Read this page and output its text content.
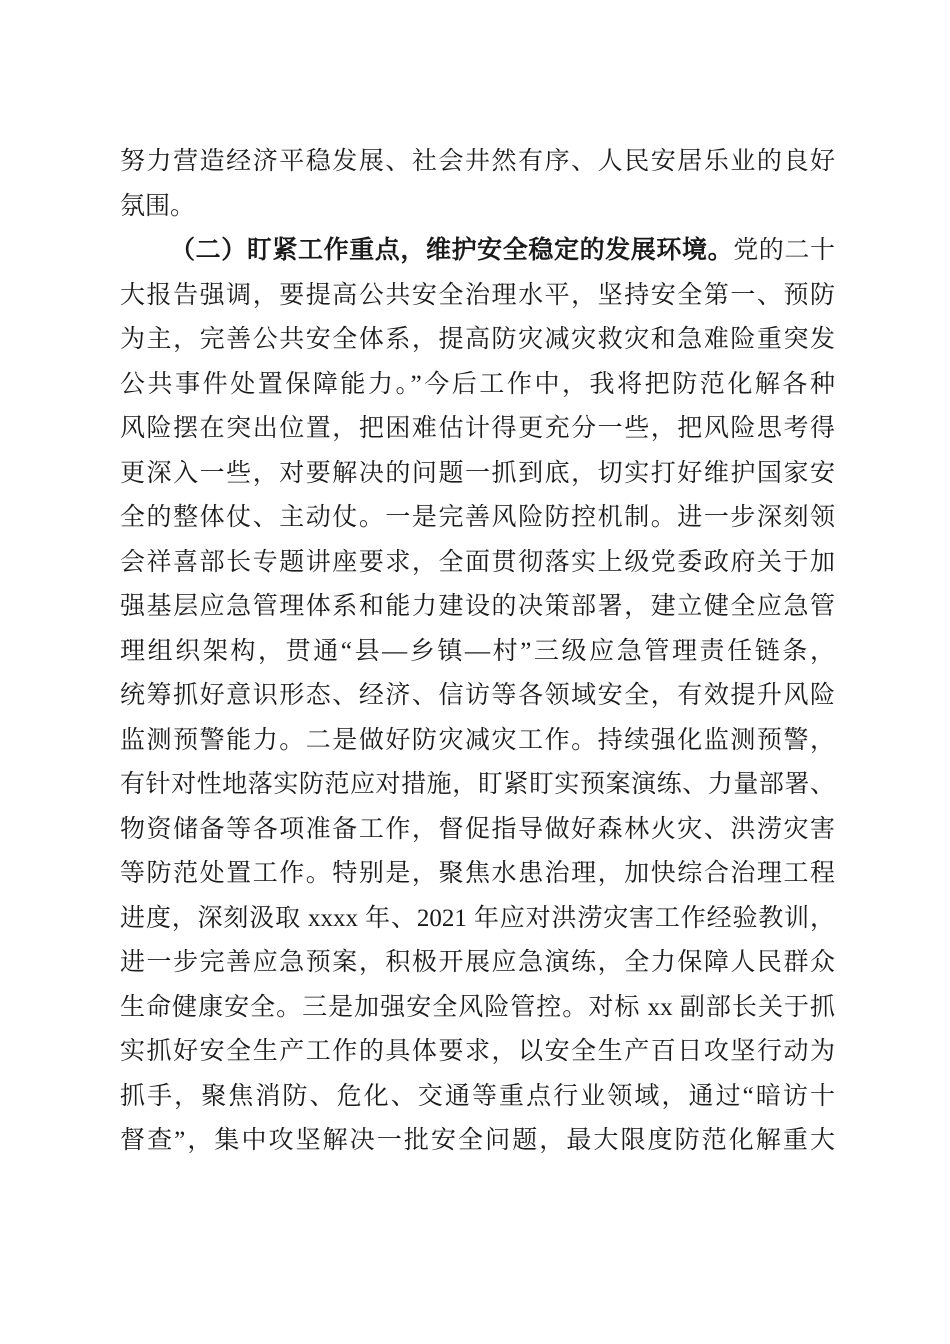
努力营造经济平稳发展、社会井然有序、人民安居乐业的良好
氛围。
（二）盯紧工作重点，维护安全稳定的发展环境。党的二十
大报告强调，要提高公共安全治理水平，坚持安全第一、预防
为主，完善公共安全体系，提高防灾减灾救灾和急难险重突发
公共事件处置保障能力。”今后工作中，我将把防范化解各种
风险摆在突出位置，把困难估计得更充分一些，把风险思考得
更深入一些，对要解决的问题一抓到底，切实打好维护国家安
全的整体仗、主动仗。一是完善风险防控机制。进一步深刻领
会祥喜部长专题讲座要求，全面贯彻落实上级党委政府关于加
强基层应急管理体系和能力建设的决策部署，建立健全应急管
理组织架构，贯通“县—乡镇—村”三级应急管理责任链条，
统筹抓好意识形态、经济、信访等各领域安全，有效提升风险
监测预警能力。二是做好防灾减灾工作。持续强化监测预警，
有针对性地落实防范应对措施，盯紧盯实预案演练、力量部署、
物资储备等各项准备工作，督促指导做好森林火灾、洪涝灾害
等防范处置工作。特别是，聚焦水患治理，加快综合治理工程
进度，深刻汲取 xxxx 年、2021 年应对洪涝灾害工作经验教训，
进一步完善应急预案，积极开展应急演练，全力保障人民群众
生命健康安全。三是加强安全风险管控。对标 xx 副部长关于抓
实抓好安全生产工作的具体要求，以安全生产百日攻坚行动为
抓手，聚焦消防、危化、交通等重点行业领域，通过“暗访十
督查”，集中攻坚解决一批安全问题，最大限度防范化解重大
